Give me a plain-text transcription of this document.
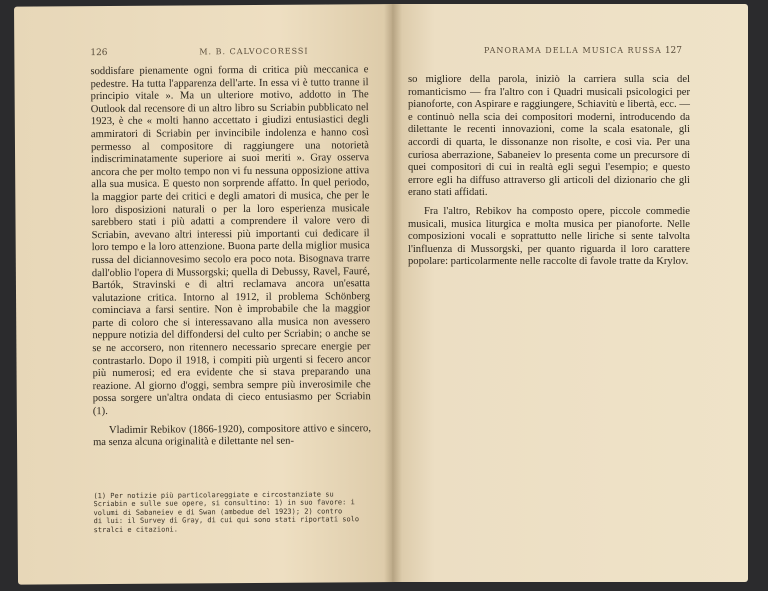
126	M. B. CALVOCORESSI

soddisfare pienamente ogni forma di critica più meccanica e pedestre. Ha tutta l'apparenza dell'arte. In essa vi è tutto tranne il principio vitale ». Ma un ulteriore motivo, addotto in The Outlook dal recensore di un altro libro su Scriabin pubblicato nel 1923, è che « molti hanno accettato i giudizi entusiastici degli ammiratori di Scriabin per invincibile indolenza e hanno così permesso al compositore di raggiungere una notorietà indiscriminatamente superiore ai suoi meriti ». Gray osserva ancora che per molto tempo non vi fu nessuna opposizione attiva alla sua musica. E questo non sorprende affatto. In quel periodo, la maggior parte dei critici e degli amatori di musica, che per le loro disposizioni naturali o per la loro esperienza musicale sarebbero stati i più adatti a comprendere il valore vero di Scriabin, avevano altri interessi più importanti cui dedicare il loro tempo e la loro attenzione. Buona parte della miglior musica russa del diciannovesimo secolo era poco nota. Bisognava trarre dall'oblio l'opera di Mussorgski; quella di Debussy, Ravel, Fauré, Bartók, Stravinski e di altri reclamava ancora un'esatta valutazione critica. Intorno al 1912, il problema Schönberg cominciava a farsi sentire. Non è improbabile che la maggior parte di coloro che si interessavano alla musica non avessero neppure notizia del diffondersi del culto per Scriabin; o anche se se ne accorsero, non ritennero necessario sprecare energie per contrastarlo. Dopo il 1918, i compiti più urgenti si fecero ancor più numerosi; ed era evidente che si stava preparando una reazione. Al giorno d'oggi, sembra sempre più inverosimile che possa sorgere un'altra ondata di cieco entusiasmo per Scriabin (1).

Vladimir Rebikov (1866-1920), compositore attivo e sincero, ma senza alcuna originalità e dilettante nel sen-

(1) Per notizie più particolareggiate e circostanziate su
Scriabin e sulle sue opere, si consultino: 1) in suo favore: i
volumi di Sabaneiev e di Swan (ambedue del 1923); 2) contro
di lui: il Survey di Gray, di cui qui sono stati riportati solo
stralci e citazioni.
PANORAMA DELLA MUSICA RUSSA 127

so migliore della parola, iniziò la carriera sulla scia del romanticismo — fra l'altro con i Quadri musicali psicologici per pianoforte, con Aspirare e raggiungere, Schiavitù e libertà, ecc. — e continuò nella scia dei compositori moderni, introducendo da dilettante le recenti innovazioni, come la scala esatonale, gli accordi di quarta, le dissonanze non risolte, e così via. Per una curiosa aberrazione, Sabaneiev lo presenta come un precursore di quei compositori di cui in realtà egli seguì l'esempio; e questo errore egli ha diffuso attraverso gli articoli del dizionario che gli erano stati affidati.

Fra l'altro, Rebikov ha composto opere, piccole commedie musicali, musica liturgica e molta musica per pianoforte. Nelle composizioni vocali e soprattutto nelle liriche si sente talvolta l'influenza di Mussorgski, per quanto riguarda il loro carattere popolare: particolarmente nelle raccolte di favole tratte da Krylov.
